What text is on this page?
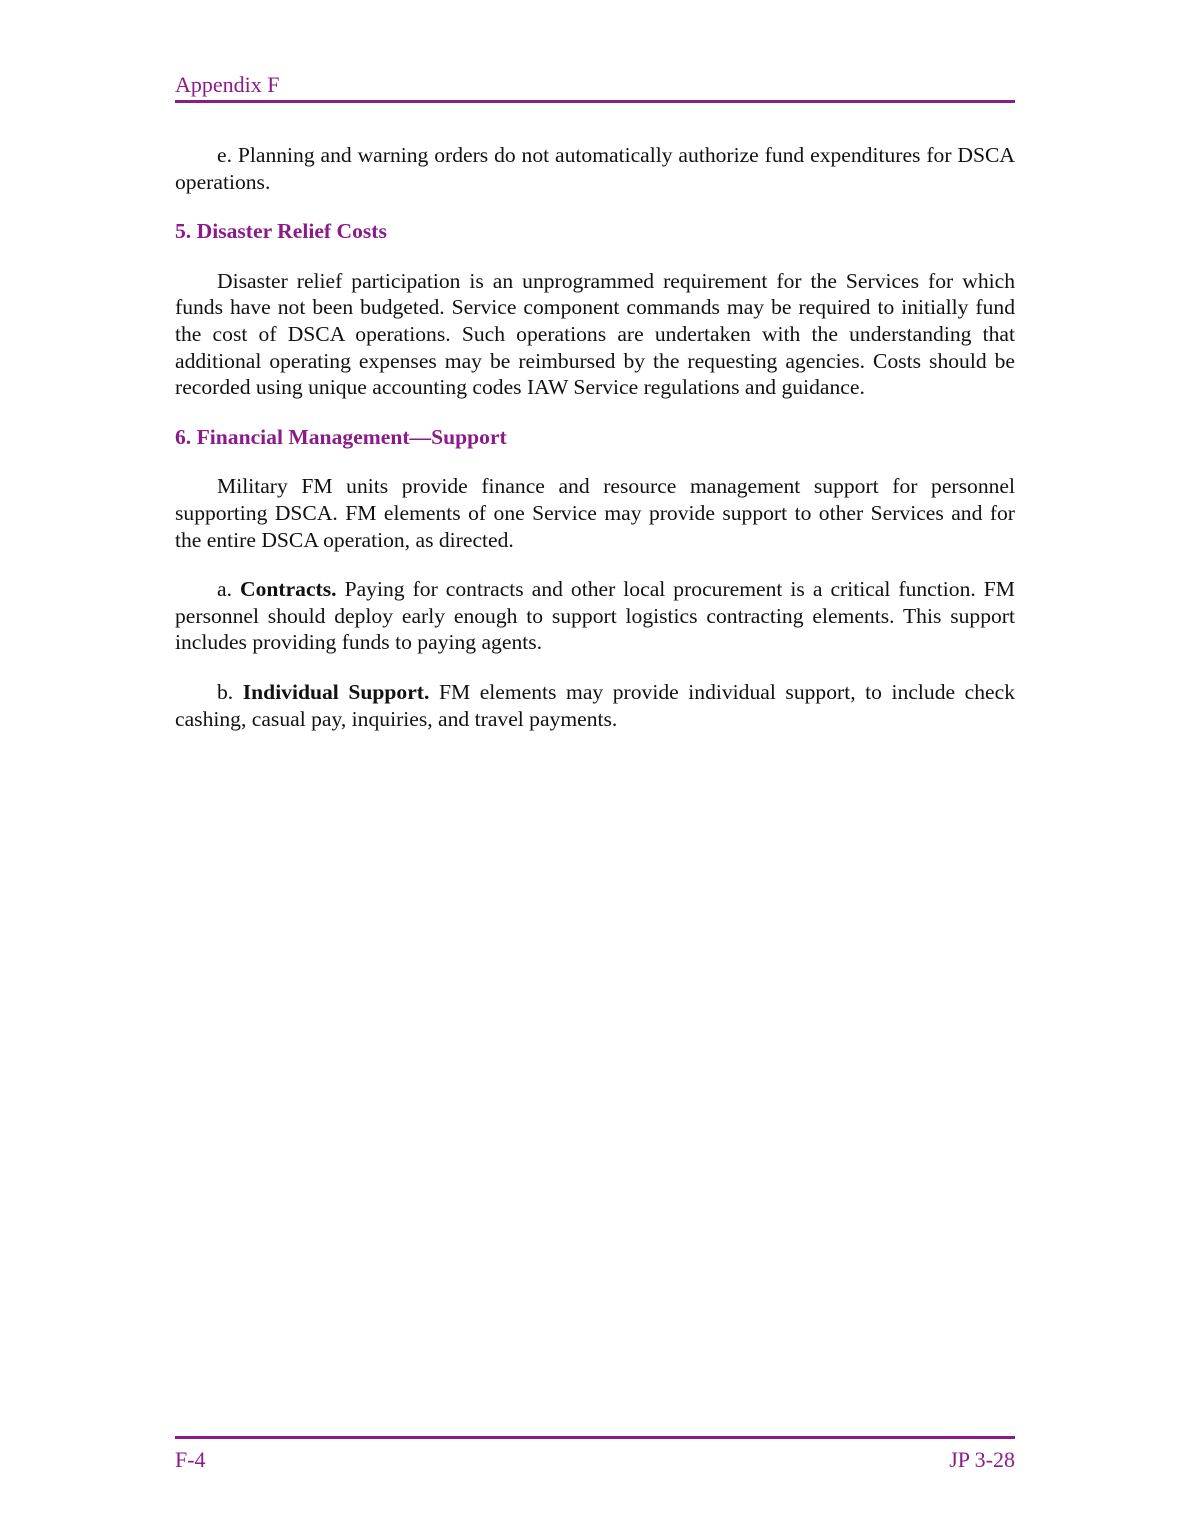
Appendix F

e. Planning and warning orders do not automatically authorize fund expenditures for DSCA operations.

5. Disaster Relief Costs

Disaster relief participation is an unprogrammed requirement for the Services for which funds have not been budgeted. Service component commands may be required to initially fund the cost of DSCA operations. Such operations are undertaken with the understanding that additional operating expenses may be reimbursed by the requesting agencies. Costs should be recorded using unique accounting codes IAW Service regulations and guidance.

6. Financial Management—Support

Military FM units provide finance and resource management support for personnel supporting DSCA. FM elements of one Service may provide support to other Services and for the entire DSCA operation, as directed.

a. Contracts. Paying for contracts and other local procurement is a critical function. FM personnel should deploy early enough to support logistics contracting elements. This support includes providing funds to paying agents.

b. Individual Support. FM elements may provide individual support, to include check cashing, casual pay, inquiries, and travel payments.

F-4	JP 3-28
